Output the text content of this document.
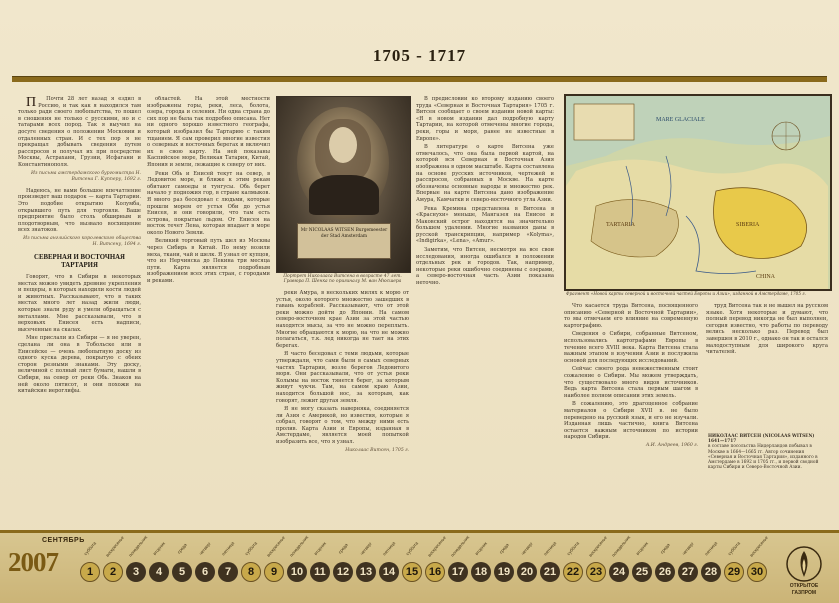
1705 - 1717

П Почти 28 лет назад я ездил в Россию, и так как я находился там только ради своего любопытства, то пошел в сношения не только с русскими, но и с татарами всех пород. Так я выучил на досуге сведения о положении Московии и отдаленных стран. И с тех пор я не прекращал добывать сведения путем расспросов и получал их при посредстве Москвы, Астрахани, Грузии, Исфагани и Константинополя.

Из письма амстердамского бургомистра Н. Витсена Г. Купперу, 1692 г.

Надеюсь, не вами большое впечатление произведет ваш подарок — карта Тартарии. Это подобие открытию Колумба, открывшего путь для торговли. Ваше предприятие было столь обширным и плодотворным, что вызвало восхищение всех знатоков.

Из письма английского королевского общества Н. Витсену, 1694 г.
СЕВЕРНАЯ И ВОСТОЧНАЯ ТАРТАРИЯ

Говорят, что в Сибири в некоторых местах можно увидеть древние укрепления и пещеры, в которых находили кости людей и животных. Рассказывают, что в таких местах много лет назад жили люди, которые знали руду и умели обращаться с металлами. Мне рассказывали, что в верховьях Енисея есть надписи, высеченные на скалах.

Мне прислали из Сибири — я не уверен, сделана ли она в Тобольске или в Енисейске — очень любопытную доску из одного куска дерева, покрытую с обеих сторон резными знаками. Эту доску, величиной с полный лист бумаги, нашли в Сибири, на север от реки Обь. Знаков на ней около пятисот, и они похожи на китайские иероглифы.

областей. На этой местности изображены горы, реки, леса, болота, озера, города и селения. Ни одна страна до сих пор не была так подробно описана. Нет ни одного хорошо известного географа, который изобразил бы Тартарию с таким тщанием. Я сам проверил многие известия о северных и восточных берегах и включил их в свою карту. На ней показаны Каспийское море, Великая Татария, Китай, Япония и земли, лежащие к северу от них.

Реки Обь и Енисей текут на север, в Ледовитое море, и ближе к этим рекам обитают самоеды и тунгусы. Обь берет начало у подножия гор, в стране калмыков. Я много раз беседовал с людьми, которые прошли морем от устья Оби до устья Енисея, и они говорили, что там есть острова, покрытые льдом. От Енисея на восток течет Лена, которая впадает в море около Нового Земли.

Великий торговый путь шел из Москвы через Сибирь в Китай. По нему возили меха, ткани, чай и шелк. Я узнал от купцов, что из Нерчинска до Пекина три месяца пути. Карта является подробным изображением всех этих стран, с городами и реками.

Mr NICOLAAS WITSEN Burgemeester der Stad Amsterdam
Портрет Николааса Витсена в возрасте 47 лет. Гравюра П. Шенка по оригиналу М. ван Мюсшера

реки Амура, в нескольких милях к морю от устья, около которого множество зашедших в гавань кораблей. Рассказывают, что от этой реки можно дойти до Японии. На самом северо-восточном крае Азии за этой частью находятся мысы, за что не можно переплыть. Многие обращаются к морю, на что не можно полагаться, т.к. лед никогда не тает на этих берегах.

Я часто беседовал с теми людьми, которые утверждали, что сами были в самых северных частях Тартарии, возле берегов Ледовитого моря. Они рассказывали, что от устья реки Колымы на восток тянется берег, за которым живут чукчи. Там, на самом краю Азии, находится большой нос, за которым, как говорят, лежит другая земля.

Я не могу сказать наверняка, соединяется ли Азия с Америкой, но известия, которые я собрал, говорят о том, что между ними есть пролив. Карта Азии и Европы, изданная в Амстердаме, является моей попыткой изобразить все, что я узнал.

Николаас Витсен, 1705 г.

В предисловии ко второму изданию своего труда «Северная и Восточная Тартария» 1705 г. Витсен сообщает о своем издании новой карты: «Я в новом издании дал подробную карту Тартарии, на которой отмечены многие города, реки, горы и моря, ранее не известные в Европе».

В литературе о карте Витсена уже отмечалось, что она была первой картой, на которой вся Северная и Восточная Азия изображена в одном масштабе. Карта составлена на основе русских источников, чертежей и расспросов, собранных в Москве. На карте обозначены основные народы и множество рек. Впервые на карте Витсена дано изображение Амура, Камчатки и северо-восточного угла Азии.

Река Кремина представлена в Витсена в «Краснухи» меньше, Мангазея на Енисее и Маковский острог находятся на значительно большем удалении. Многие названия даны в русской транскрипции, например «Kolyma», «Indigirka», «Lena», «Amur».

Заметим, что Витсен, несмотря на все свои исследования, иногда ошибался в положении отдельных рек и городов. Так, например, некоторые реки ошибочно соединены с озерами, а северо-восточная часть Азии показана неточно.

TARTARIA	SIBERIA
MARE GLACIALE
CHINA
Фрагмент «Новой карты северной и восточной частей Европы и Азии», изданной в Амстердаме, 1705 г.

Что касается труда Витсена, посвященного описанию «Северной и Восточной Тартарии», то мы отмечаем его влияние на современную картографию.

Сведения о Сибири, собранные Витсеном, использовались картографами Европы в течение всего XVIII века. Карта Витсена стала важным этапом в изучении Азии и послужила основой для последующих исследований.

Сейчас своего рода невежественным стоит сожаление о Сибири. Мы можем утверждать, что существовало много видов источников. Ведь карта Витсена стала первым шагом в наиболее полном описании этих земель.

В сожалению, это драгоценное собрание материалов о Сибири XVII в. не было переведено на русский язык, и его не изучали. Изданная лишь частично, книга Витсена остается важным источником по истории народов Сибири.

А.И. Андреев, 1960 г.

труд Витсена так и не вышел на русском языке. Хотя некоторые и думают, что полный перевод никогда не был выполнен, сегодня известно, что работы по переводу велись несколько раз. Перевод был завершен в 2010 г., однако он так и остался малодоступным для широкого круга читателей.

НИКОЛААС ВИТСЕН (NICOLAAS WITSEN) 1641—1717
в составе посольства Нидерландов побывал в Москве в 1664—1665 гг. Автор сочинения «Северная и Восточная Тартария», изданного в Амстердаме в 1692 и 1705 гг., и первой сводной карты Сибири и Северо-Восточной Азии.
СЕНТЯБРЬ
2007	1
суббота
2
воскресенье
3
понедельник
4
вторник
5
среда
6
четверг
7
пятница
8
суббота
9
воскресенье
10
понедельник
11
вторник
12
среда
13
четверг
14
пятница
15
суббота
16
воскресенье
17
понедельник
18
вторник
19
среда
20
четверг
21
пятница
22
суббота
23
воскресенье
24
понедельник
25
вторник
26
среда
27
четверг
28
пятница
29
суббота
30
воскресенье
ОТКРЫТОЕ
ГАЗПРОМ
